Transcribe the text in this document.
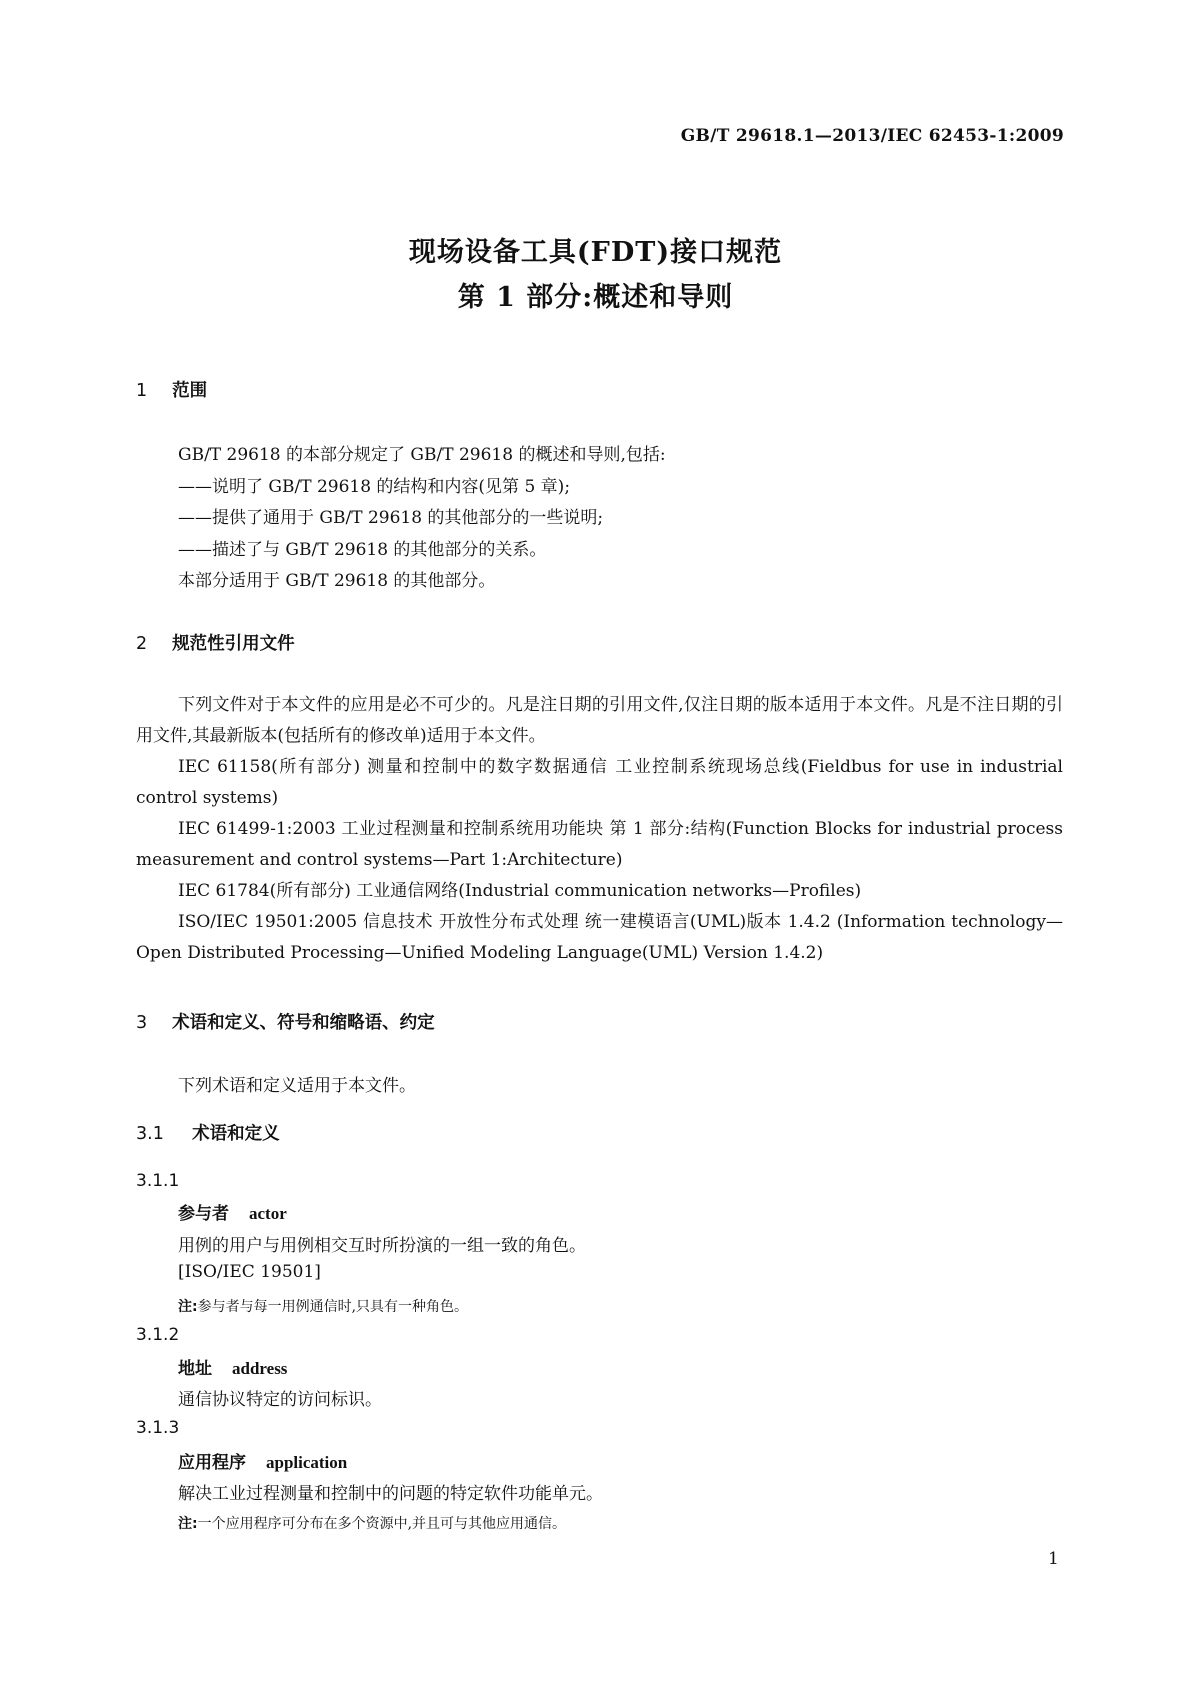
GB/T 29618.1—2013/IEC 62453-1:2009
现场设备工具(FDT)接口规范
第 1 部分:概述和导则
1 范围
GB/T 29618 的本部分规定了 GB/T 29618 的概述和导则,包括:
——说明了 GB/T 29618 的结构和内容(见第 5 章);
——提供了通用于 GB/T 29618 的其他部分的一些说明;
——描述了与 GB/T 29618 的其他部分的关系。
本部分适用于 GB/T 29618 的其他部分。
2 规范性引用文件

下列文件对于本文件的应用是必不可少的。凡是注日期的引用文件,仅注日期的版本适用于本文件。凡是不注日期的引用文件,其最新版本(包括所有的修改单)适用于本文件。

IEC 61158(所有部分) 测量和控制中的数字数据通信 工业控制系统现场总线(Fieldbus for use in industrial control systems)

IEC 61499-1:2003 工业过程测量和控制系统用功能块 第 1 部分:结构(Function Blocks for industrial process measurement and control systems—Part 1:Architecture)

IEC 61784(所有部分) 工业通信网络(Industrial communication networks—Profiles)

ISO/IEC 19501:2005 信息技术 开放性分布式处理 统一建模语言(UML)版本 1.4.2 (Information technology—Open Distributed Processing—Unified Modeling Language(UML) Version 1.4.2)

3 术语和定义、符号和缩略语、约定
下列术语和定义适用于本文件。
3.1 术语和定义
3.1.1
参与者 actor
用例的用户与用例相交互时所扮演的一组一致的角色。
[ISO/IEC 19501]
注:参与者与每一用例通信时,只具有一种角色。
3.1.2
地址 address
通信协议特定的访问标识。
3.1.3
应用程序 application
解决工业过程测量和控制中的问题的特定软件功能单元。
注:一个应用程序可分布在多个资源中,并且可与其他应用通信。
1
